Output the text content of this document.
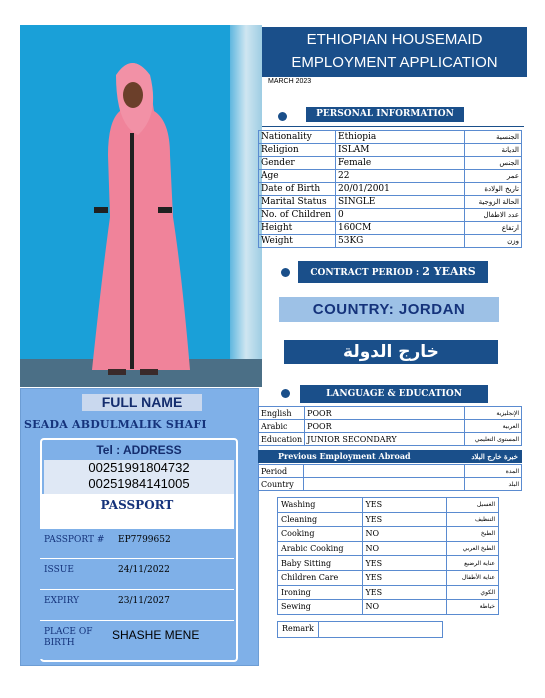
FULL NAME
SEADA ABDULMALIK SHAFI
Tel : ADDRESS
00251991804732
00251984141005
PASSPORT
PASSPORT # EP7799652
ISSUE	24/11/2022
EXPIRY	23/11/2027
PLACE OF BIRTH
SHASHE MENE
ETHIOPIAN HOUSEMAID
EMPLOYMENT APPLICATION
MARCH 2023
PERSONAL INFORMATION
Nationality	Ethiopia	الجنسية
Religion	ISLAM	الديانة
Gender	Female	الجنس
Age	22	عمر
Date of Birth	20/01/2001	تاريخ الولادة
Marital Status	SINGLE	الحالة الزوجية
No. of Children	0	عدد الاطفال
Height	160CM	ارتفاع
Weight	53KG	وزن
CONTRACT PERIOD : 2 YEARS
COUNTRY: JORDAN
خارج الدولة
LANGUAGE & EDUCATION
English	POOR	الإنجليزية
Arabic	POOR	العربية
Education	JUNIOR SECONDARY	المستوى التعليمي
Previous Employment Abroad	خبرة خارج البلاد
Period		المدة
Country		البلد
Washing	YES	الغسيل
Cleaning	YES	التنظيف
Cooking	NO	الطبخ
Arabic Cooking	NO	الطبخ العربي
Baby Sitting	YES	عناية الرضيع
Children Care	YES	عناية الأطفال
Ironing	YES	الكوي
Sewing	NO	خياطة
Remark
